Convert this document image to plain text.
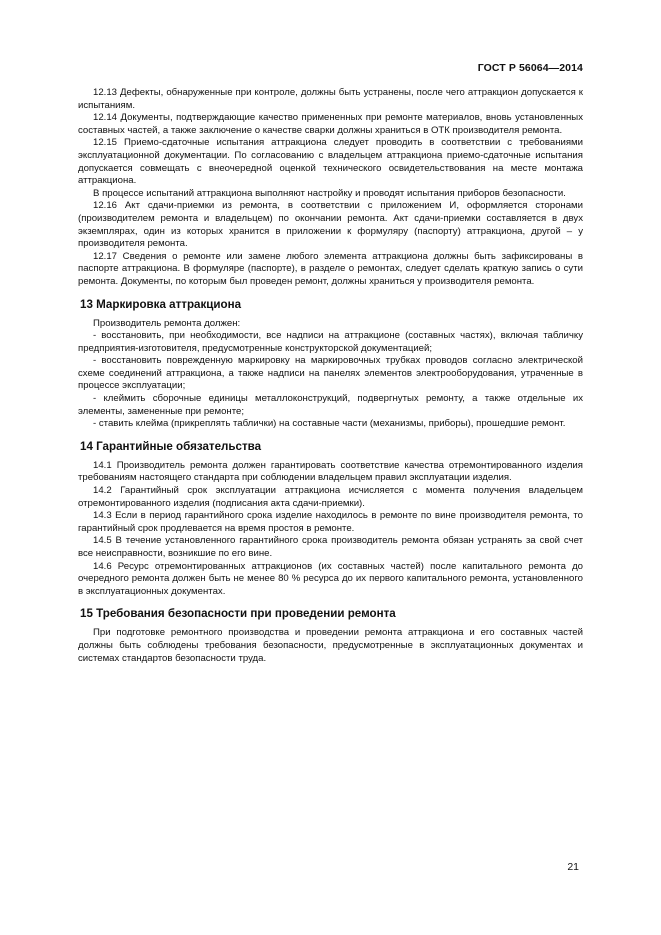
ГОСТ Р 56064—2014

12.13 Дефекты, обнаруженные при контроле, должны быть устранены, после чего аттракцион допускается к испытаниям.

12.14 Документы, подтверждающие качество примененных при ремонте материалов, вновь установленных составных частей, а также заключение о качестве сварки должны храниться в ОТК производителя ремонта.

12.15 Приемо-сдаточные испытания аттракциона следует проводить в соответствии с требованиями эксплуатационной документации. По согласованию с владельцем аттракциона приемо-сдаточные испытания допускается совмещать с внеочередной оценкой технического освидетельствования на месте монтажа аттракциона.

В процессе испытаний аттракциона выполняют настройку и проводят испытания приборов безопасности.

12.16 Акт сдачи-приемки из ремонта, в соответствии с приложением И, оформляется сторонами (производителем ремонта и владельцем) по окончании ремонта. Акт сдачи-приемки составляется в двух экземплярах, один из которых хранится в приложении к формуляру (паспорту) аттракциона, другой – у производителя ремонта.

12.17 Сведения о ремонте или замене любого элемента аттракциона должны быть зафиксированы в паспорте аттракциона. В формуляре (паспорте), в разделе о ремонтах, следует сделать краткую запись о сути ремонта. Документы, по которым был проведен ремонт, должны храниться у производителя ремонта.

13 Маркировка аттракциона

Производитель ремонта должен:

- восстановить, при необходимости, все надписи на аттракционе (составных частях), включая табличку предприятия-изготовителя, предусмотренные конструкторской документацией;

- восстановить поврежденную маркировку на маркировочных трубках проводов согласно электрической схеме соединений аттракциона, а также надписи на панелях элементов электрооборудования, утраченные в процессе эксплуатации;

- клеймить сборочные единицы металлоконструкций, подвергнутых ремонту, а также отдельные их элементы, замененные при ремонте;

- ставить клейма (прикреплять таблички) на составные части (механизмы, приборы), прошедшие ремонт.

14 Гарантийные обязательства

14.1 Производитель ремонта должен гарантировать соответствие качества отремонтированного изделия требованиям настоящего стандарта при соблюдении владельцем правил эксплуатации изделия.

14.2 Гарантийный срок эксплуатации аттракциона исчисляется с момента получения владельцем отремонтированного изделия (подписания акта сдачи-приемки).

14.3 Если в период гарантийного срока изделие находилось в ремонте по вине производителя ремонта, то гарантийный срок продлевается на время простоя в ремонте.

14.5 В течение установленного гарантийного срока производитель ремонта обязан устранять за свой счет все неисправности, возникшие по его вине.

14.6 Ресурс отремонтированных аттракционов (их составных частей) после капитального ремонта до очередного ремонта должен быть не менее 80 % ресурса до их первого капитального ремонта, установленного в эксплуатационных документах.

15 Требования безопасности при проведении ремонта

При подготовке ремонтного производства и проведении ремонта аттракциона и его составных частей должны быть соблюдены требования безопасности, предусмотренные в эксплуатационных документах и системах стандартов безопасности труда.

21
